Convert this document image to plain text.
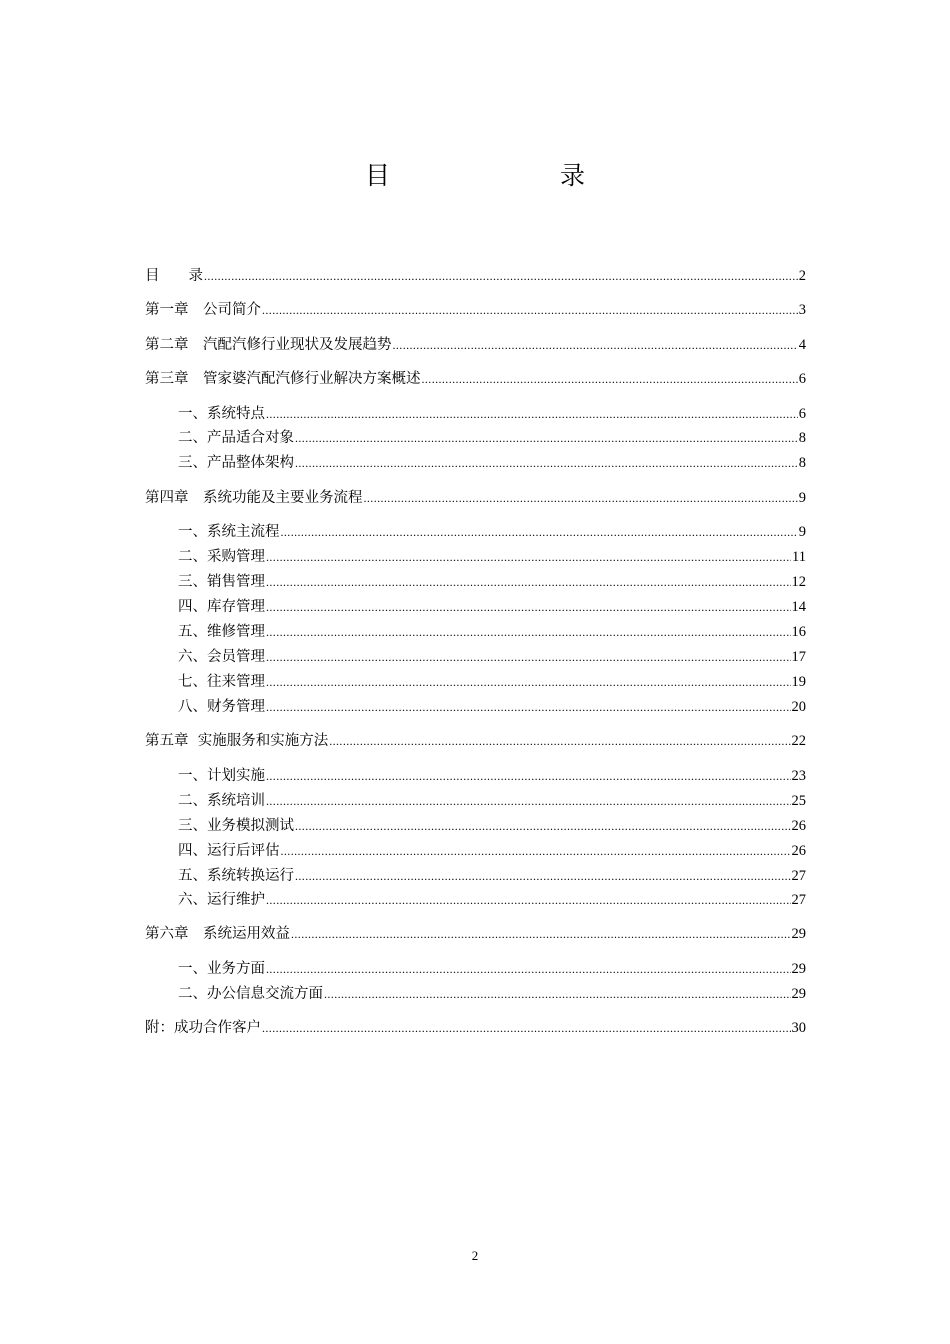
目　　录
目　　录 .....	2
第一章　公司简介 .....	3
第二章　汽配汽修行业现状及发展趋势 .....	4
第三章　管家婆汽配汽修行业解决方案概述 .....	6
一、系统特点 .....	6
二、产品适合对象 .....	8
三、产品整体架构 .....	8
第四章　系统功能及主要业务流程 .....	9
一、系统主流程 .....	9
二、采购管理 .....	11
三、销售管理 .....	12
四、库存管理 .....	14
五、维修管理 .....	16
六、会员管理 .....	17
七、往来管理 .....	19
八、财务管理 .....	20
第五章  实施服务和实施方法 .....	22
一、计划实施 .....	23
二、系统培训 .....	25
三、业务模拟测试 .....	26
四、运行后评估 .....	26
五、系统转换运行 .....	27
六、运行维护 .....	27
第六章　系统运用效益 .....	29
一、业务方面 .....	29
二、办公信息交流方面 .....	29
附：成功合作客户 .....	30
2
